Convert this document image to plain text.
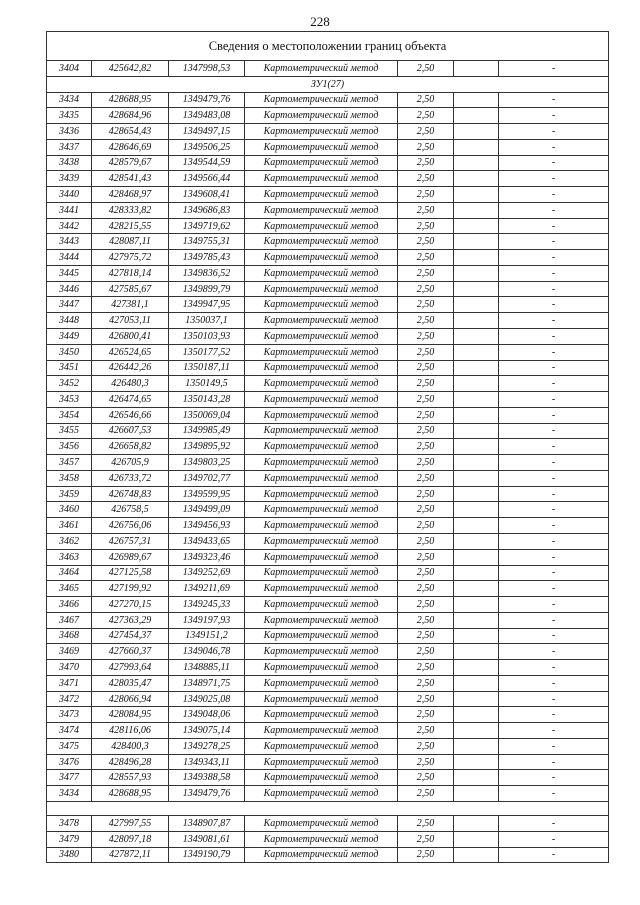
228
Сведения о местоположении границ объекта						
3404	425642,82	1347998,53	Картометрический метод	2,50		-
ЗУ1(27)						
3434	428688,95	1349479,76	Картометрический метод	2,50		-
3435	428684,96	1349483,08	Картометрический метод	2,50		-
3436	428654,43	1349497,15	Картометрический метод	2,50		-
3437	428646,69	1349506,25	Картометрический метод	2,50		-
3438	428579,67	1349544,59	Картометрический метод	2,50		-
3439	428541,43	1349566,44	Картометрический метод	2,50		-
3440	428468,97	1349608,41	Картометрический метод	2,50		-
3441	428333,82	1349686,83	Картометрический метод	2,50		-
3442	428215,55	1349719,62	Картометрический метод	2,50		-
3443	428087,11	1349755,31	Картометрический метод	2,50		-
3444	427975,72	1349785,43	Картометрический метод	2,50		-
3445	427818,14	1349836,52	Картометрический метод	2,50		-
3446	427585,67	1349899,79	Картометрический метод	2,50		-
3447	427381,1	1349947,95	Картометрический метод	2,50		-
3448	427053,11	1350037,1	Картометрический метод	2,50		-
3449	426800,41	1350103,93	Картометрический метод	2,50		-
3450	426524,65	1350177,52	Картометрический метод	2,50		-
3451	426442,26	1350187,11	Картометрический метод	2,50		-
3452	426480,3	1350149,5	Картометрический метод	2,50		-
3453	426474,65	1350143,28	Картометрический метод	2,50		-
3454	426546,66	1350069,04	Картометрический метод	2,50		-
3455	426607,53	1349985,49	Картометрический метод	2,50		-
3456	426658,82	1349895,92	Картометрический метод	2,50		-
3457	426705,9	1349803,25	Картометрический метод	2,50		-
3458	426733,72	1349702,77	Картометрический метод	2,50		-
3459	426748,83	1349599,95	Картометрический метод	2,50		-
3460	426758,5	1349499,09	Картометрический метод	2,50		-
3461	426756,06	1349456,93	Картометрический метод	2,50		-
3462	426757,31	1349433,65	Картометрический метод	2,50		-
3463	426989,67	1349323,46	Картометрический метод	2,50		-
3464	427125,58	1349252,69	Картометрический метод	2,50		-
3465	427199,92	1349211,69	Картометрический метод	2,50		-
3466	427270,15	1349245,33	Картометрический метод	2,50		-
3467	427363,29	1349197,93	Картометрический метод	2,50		-
3468	427454,37	1349151,2	Картометрический метод	2,50		-
3469	427660,37	1349046,78	Картометрический метод	2,50		-
3470	427993,64	1348885,11	Картометрический метод	2,50		-
3471	428035,47	1348971,75	Картометрический метод	2,50		-
3472	428066,94	1349025,08	Картометрический метод	2,50		-
3473	428084,95	1349048,06	Картометрический метод	2,50		-
3474	428116,06	1349075,14	Картометрический метод	2,50		-
3475	428400,3	1349278,25	Картометрический метод	2,50		-
3476	428496,28	1349343,11	Картометрический метод	2,50		-
3477	428557,93	1349388,58	Картометрический метод	2,50		-
3434	428688,95	1349479,76	Картометрический метод	2,50		-

3478	427997,55	1348907,87	Картометрический метод	2,50		-
3479	428097,18	1349081,61	Картометрический метод	2,50		-
3480	427872,11	1349190,79	Картометрический метод	2,50		-
